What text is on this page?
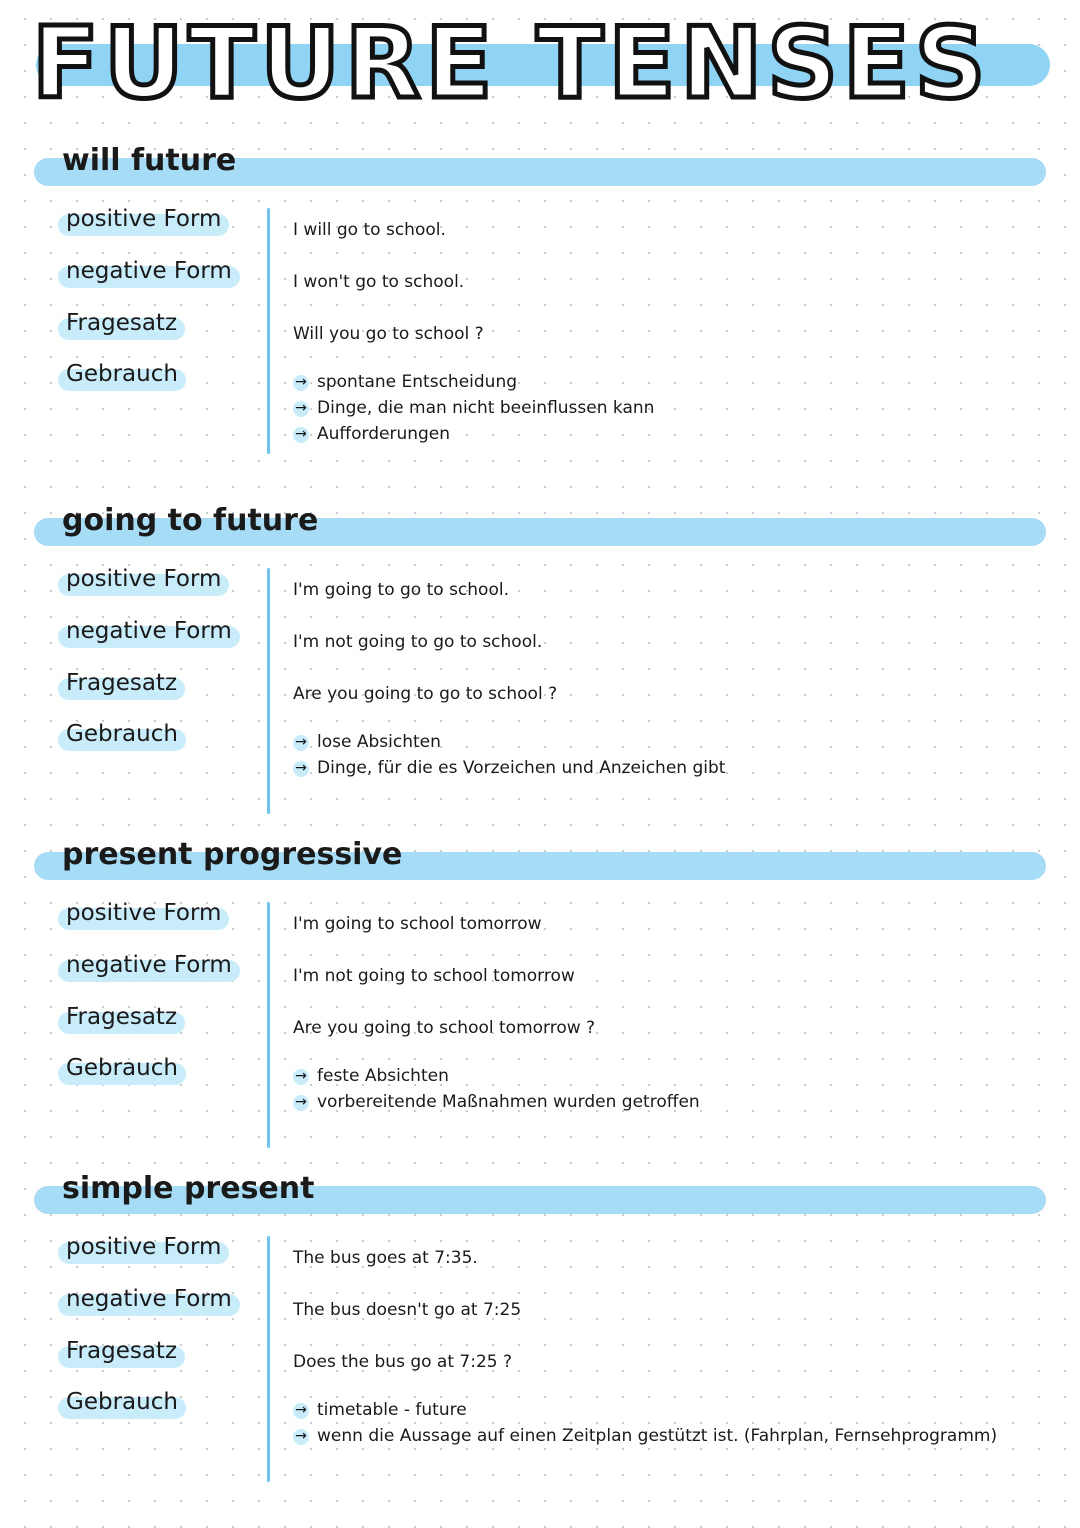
FUTURE TENSES
will future
positive Form	I will go to school.
negative Form	I won't go to school.
Fragesatz	Will you go to school ?
Gebrauch	→ spontane Entscheidung
→ Dinge, die man nicht beeinflussen kann
→ Aufforderungen
going to future
positive Form	I'm going to go to school.
negative Form	I'm not going to go to school.
Fragesatz	Are you going to go to school ?
Gebrauch	→ lose Absichten
→ Dinge, für die es Vorzeichen und Anzeichen gibt
present progressive
positive Form	I'm going to school tomorrow
negative Form	I'm not going to school tomorrow
Fragesatz	Are you going to school tomorrow ?
Gebrauch	→ feste Absichten
→ vorbereitende Maßnahmen wurden getroffen
simple present
positive Form	The bus goes at 7:35.
negative Form	The bus doesn't go at 7:25
Fragesatz	Does the bus go at 7:25 ?
Gebrauch	→ timetable - future
→ wenn die Aussage auf einen Zeitplan gestützt ist. (Fahrplan, Fernsehprogramm)
